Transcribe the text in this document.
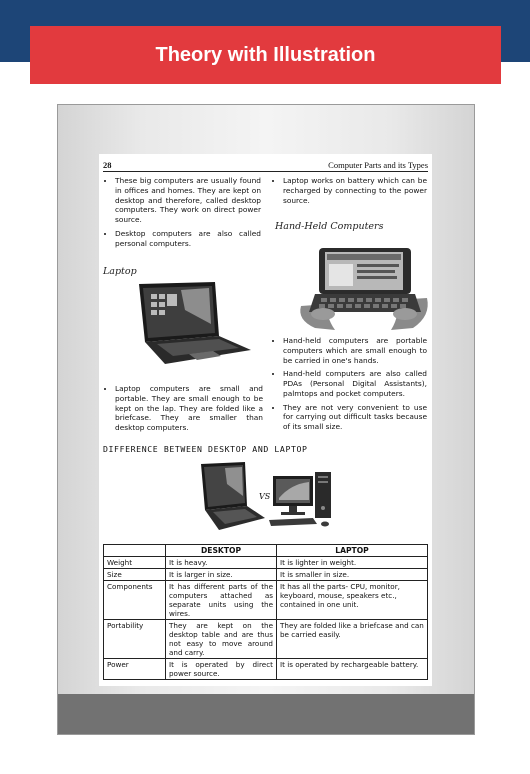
Theory with Illustration
28	Computer Parts and its Types
• These big computers are usually found in offices and homes. They are kept on desktop and therefore, called desktop computers. They work on direct power source.
• Desktop computers are also called personal computers.
• Laptop works on battery which can be recharged by connecting to the power source.
Hand-Held Computers
Laptop
• Laptop computers are small and portable. They are small enough to be kept on the lap. They are folded like a briefcase. They are smaller than desktop computers.
• Hand-held computers are portable computers which are small enough to be carried in one's hands.
• Hand-held computers are also called PDAs (Personal Digital Assistants), palmtops and pocket computers.
• They are not very convenient to use for carrying out difficult tasks because of its small size.
DIFFERENCE BETWEEN DESKTOP AND LAPTOP
VS
	DESKTOP	LAPTOP
Weight	It is heavy.	It is lighter in weight.
Size	It is larger in size.	It is smaller in size.
Components	It has different parts of the computers attached as separate units using the wires.	It has all the parts- CPU, monitor, keyboard, mouse, speakers etc., contained in one unit.
Portability	They are kept on the desktop table and are thus not easy to move around and carry.	They are folded like a briefcase and can be carried easily.
Power	It is operated by direct power source.	It is operated by rechargeable battery.
